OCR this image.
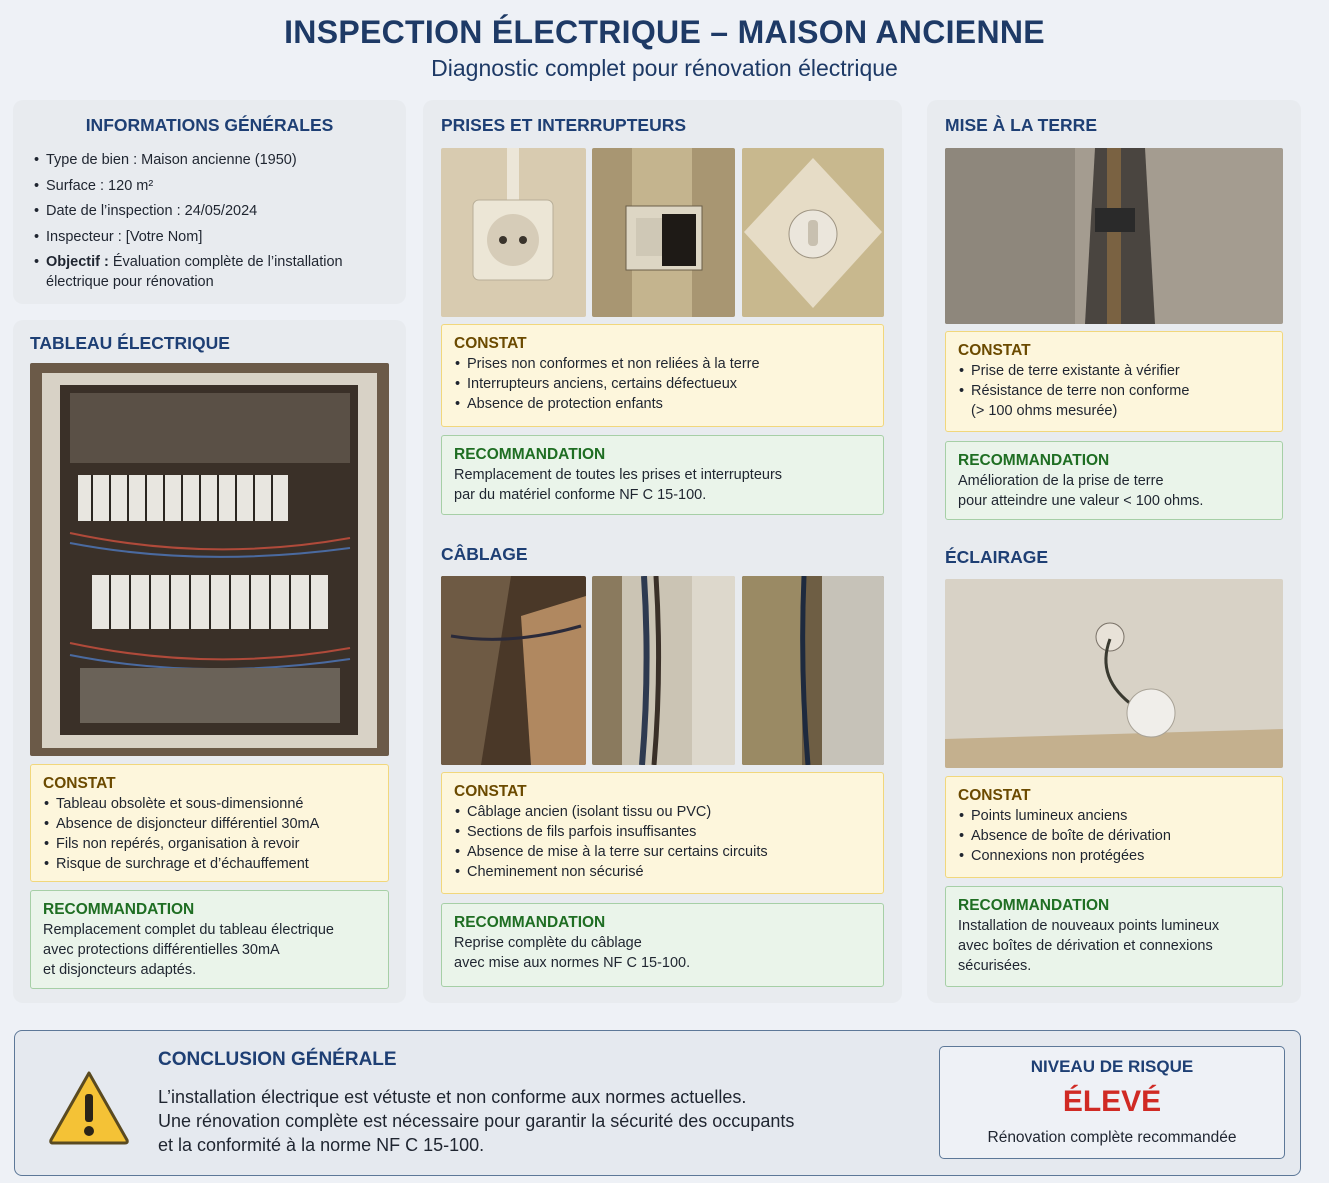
INSPECTION ÉLECTRIQUE – MAISON ANCIENNE
Diagnostic complet pour rénovation électrique
INFORMATIONS GÉNÉRALES
• Type de bien : Maison ancienne (1950)
• Surface : 120 m²
• Date de l’inspection : 24/05/2024
• Inspecteur : [Votre Nom]
• Objectif : Évaluation complète de l’installation électrique pour rénovation
TABLEAU ÉLECTRIQUE
CONSTAT
• Tableau obsolète et sous-dimensionné
• Absence de disjoncteur différentiel 30mA
• Fils non repérés, organisation à revoir
• Risque de surchrage et d’échauffement
RECOMMANDATION

Remplacement complet du tableau électrique
avec protections différentielles 30mA
et disjoncteurs adaptés.

PRISES ET INTERRUPTEURS
CONSTAT
• Prises non conformes et non reliées à la terre
• Interrupteurs anciens, certains défectueux
• Absence de protection enfants
RECOMMANDATION

Remplacement de toutes les prises et interrupteurs
par du matériel conforme NF C 15-100.

CÂBLAGE
CONSTAT
• Câblage ancien (isolant tissu ou PVC)
• Sections de fils parfois insuffisantes
• Absence de mise à la terre sur certains circuits
• Cheminement non sécurisé
RECOMMANDATION

Reprise complète du câblage
avec mise aux normes NF C 15-100.

MISE À LA TERRE
CONSTAT
• Prise de terre existante à vérifier
• Résistance de terre non conforme (> 100 ohms mesurée)
RECOMMANDATION

Amélioration de la prise de terre
pour atteindre une valeur < 100 ohms.

ÉCLAIRAGE
CONSTAT
• Points lumineux anciens
• Absence de boîte de dérivation
• Connexions non protégées
RECOMMANDATION

Installation de nouveaux points lumineux
avec boîtes de dérivation et connexions
sécurisées.

CONCLUSION GÉNÉRALE

L’installation électrique est vétuste et non conforme aux normes actuelles.
Une rénovation complète est nécessaire pour garantir la sécurité des occupants
et la conformité à la norme NF C 15-100.

NIVEAU DE RISQUE
ÉLEVÉ
Rénovation complète recommandée
